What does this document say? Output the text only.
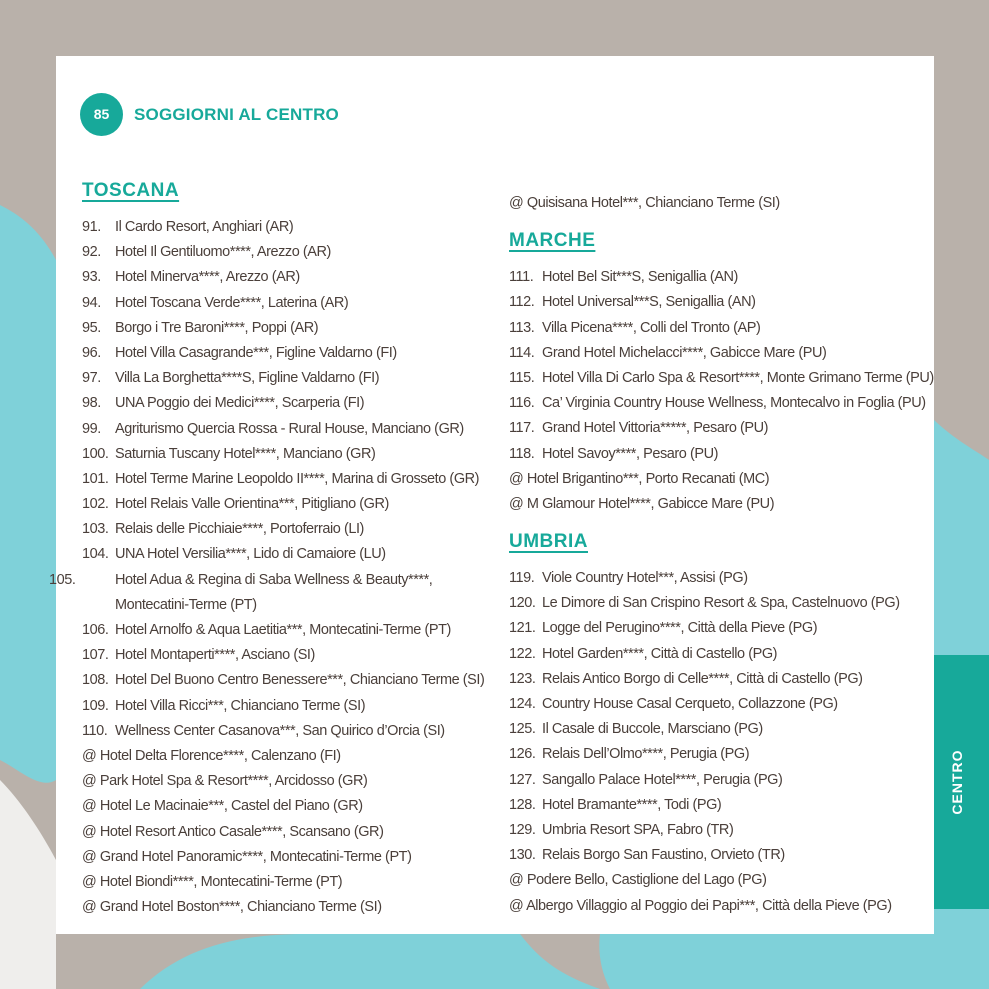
85	SOGGIORNI AL CENTRO
TOSCANA
91. Il Cardo Resort, Anghiari (AR)
92. Hotel Il Gentiluomo****, Arezzo (AR)
93. Hotel Minerva****, Arezzo (AR)
94. Hotel Toscana Verde****, Laterina (AR)
95. Borgo i Tre Baroni****, Poppi (AR)
96. Hotel Villa Casagrande***, Figline Valdarno (FI)
97. Villa La Borghetta****S, Figline Valdarno (FI)
98. UNA Poggio dei Medici****, Scarperia (FI)
99. Agriturismo Quercia Rossa - Rural House, Manciano (GR)
100. Saturnia Tuscany Hotel****, Manciano (GR)
101. Hotel Terme Marine Leopoldo II****, Marina di Grosseto (GR)
102. Hotel Relais Valle Orientina***, Pitigliano (GR)
103. Relais delle Picchiaie****, Portoferraio (LI)
104. UNA Hotel Versilia****, Lido di Camaiore (LU)
105.	Hotel Adua & Regina di Saba Wellness & Beauty****, Montecatini-Terme (PT)
106. Hotel Arnolfo & Aqua Laetitia***, Montecatini-Terme (PT)
107. Hotel Montaperti****, Asciano (SI)
108. Hotel Del Buono Centro Benessere***, Chianciano Terme (SI)
109. Hotel Villa Ricci***, Chianciano Terme (SI)
110. Wellness Center Casanova***, San Quirico d’Orcia (SI)
@ Hotel Delta Florence****, Calenzano (FI)
@ Park Hotel Spa & Resort****, Arcidosso (GR)
@ Hotel Le Macinaie***, Castel del Piano (GR)
@ Hotel Resort Antico Casale****, Scansano (GR)
@ Grand Hotel Panoramic****, Montecatini-Terme (PT)
@ Hotel Biondi****, Montecatini-Terme (PT)
@ Grand Hotel Boston****, Chianciano Terme (SI)
@ Quisisana Hotel***, Chianciano Terme (SI)
MARCHE
111. Hotel Bel Sit***S, Senigallia (AN)
112. Hotel Universal***S, Senigallia (AN)
113. Villa Picena****, Colli del Tronto (AP)
114. Grand Hotel Michelacci****, Gabicce Mare (PU)
115. Hotel Villa Di Carlo Spa & Resort****, Monte Grimano Terme (PU)
116. Ca’ Virginia Country House Wellness, Montecalvo in Foglia (PU)
117. Grand Hotel Vittoria*****, Pesaro (PU)
118. Hotel Savoy****, Pesaro (PU)
@ Hotel Brigantino***, Porto Recanati (MC)
@ M Glamour Hotel****, Gabicce Mare (PU)
UMBRIA
119. Viole Country Hotel***, Assisi (PG)
120. Le Dimore di San Crispino Resort & Spa, Castelnuovo (PG)
121. Logge del Perugino****, Città della Pieve (PG)
122. Hotel Garden****, Città di Castello (PG)
123. Relais Antico Borgo di Celle****, Città di Castello (PG)
124. Country House Casal Cerqueto, Collazzone (PG)
125. Il Casale di Buccole, Marsciano (PG)
126. Relais Dell’Olmo****, Perugia (PG)
127. Sangallo Palace Hotel****, Perugia (PG)
128. Hotel Bramante****, Todi (PG)
129. Umbria Resort SPA, Fabro (TR)
130. Relais Borgo San Faustino, Orvieto (TR)
@ Podere Bello, Castiglione del Lago (PG)
@ Albergo Villaggio al Poggio dei Papi***, Città della Pieve (PG)
CENTRO
